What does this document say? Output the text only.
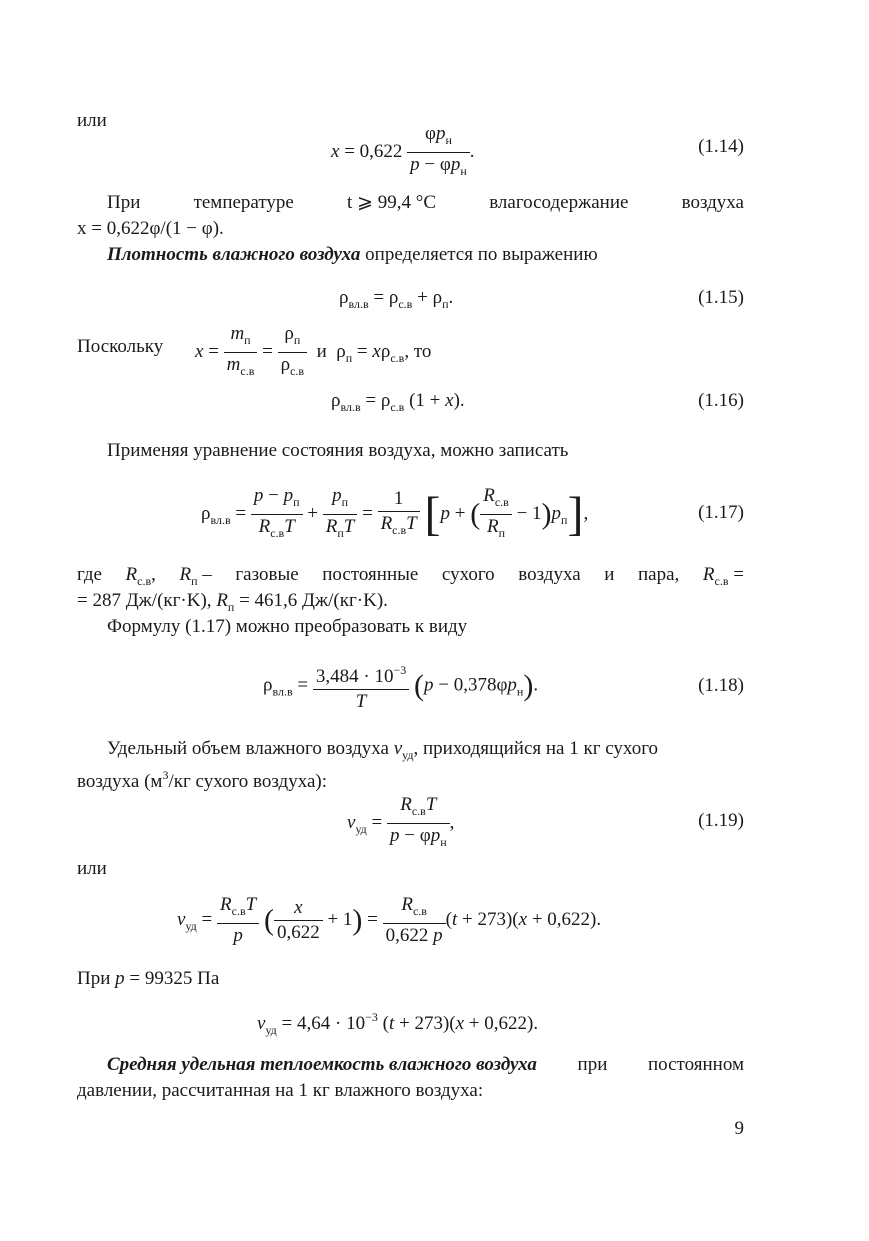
или
$x = 0,622 \frac{\varphi p_н}{p - \varphi p_н}$ .	(1.14)
При	температуре	t ⩾ 99,4 °C	влагосодержание	воздуха
x = 0,622φ/(1 − φ).
Плотность влажного воздуха определяется по выражению
$\rho_{вл.в} = \rho_{с.в} + \rho_п$.	(1.15)
Поскольку $x = \frac{m_п}{m_{с.в}} = \frac{\rho_п}{\rho_{с.в}}$ и  $\rho_п = x\rho_{с.в}$, то
$\rho_{вл.в} = \rho_{с.в}$ (1 + x).	(1.16)
Применяя уравнение состояния воздуха, можно записать
$\rho_{вл.в} = \frac{p - p_п}{R_{с.в}T} + \frac{p_п}{R_пT} = \frac{1}{R_{с.в}T} [p$ + ( $\frac{R_{с.в}}{R_п} - 1)p_п$],	(1.17)
где $R_{с.в}$, $R_п$ – газовые постоянные сухого воздуха и пара, $R_{с.в}$ =
= 287 Дж/(кг·K), $R_п = 461,6$ Дж/(кг·K).
Формулу (1.17) можно преобразовать к виду
$\rho_{вл.в} = \frac{3,484 \cdot 10^{-3}}{T} (p - 0,378\varphi p_н)$.	(1.18)
Удельный объем влажного воздуха $v_{уд}$, приходящийся на 1 кг сухого
воздуха ($м^3/кг$ сухого воздуха):
$v_{уд} = \frac{R_{с.в}T}{p - \varphi p_н}$ ,	(1.19)
или
$v_{уд} = \frac{R_{с.в}T}{p}$ ( $\frac{x}{0,622} + 1) = \frac{R_{с.в}}{0,622 p} (t + 273)(x + 0,622)$.
При p = 99325 Па
$v_{уд} = 4,64 \cdot 10^{-3}$ (t + 273)(x + 0,622).
Средняя удельная теплоемкость влажного воздуха при постоянном
давлении, рассчитанная на 1 кг влажного воздуха:
9
